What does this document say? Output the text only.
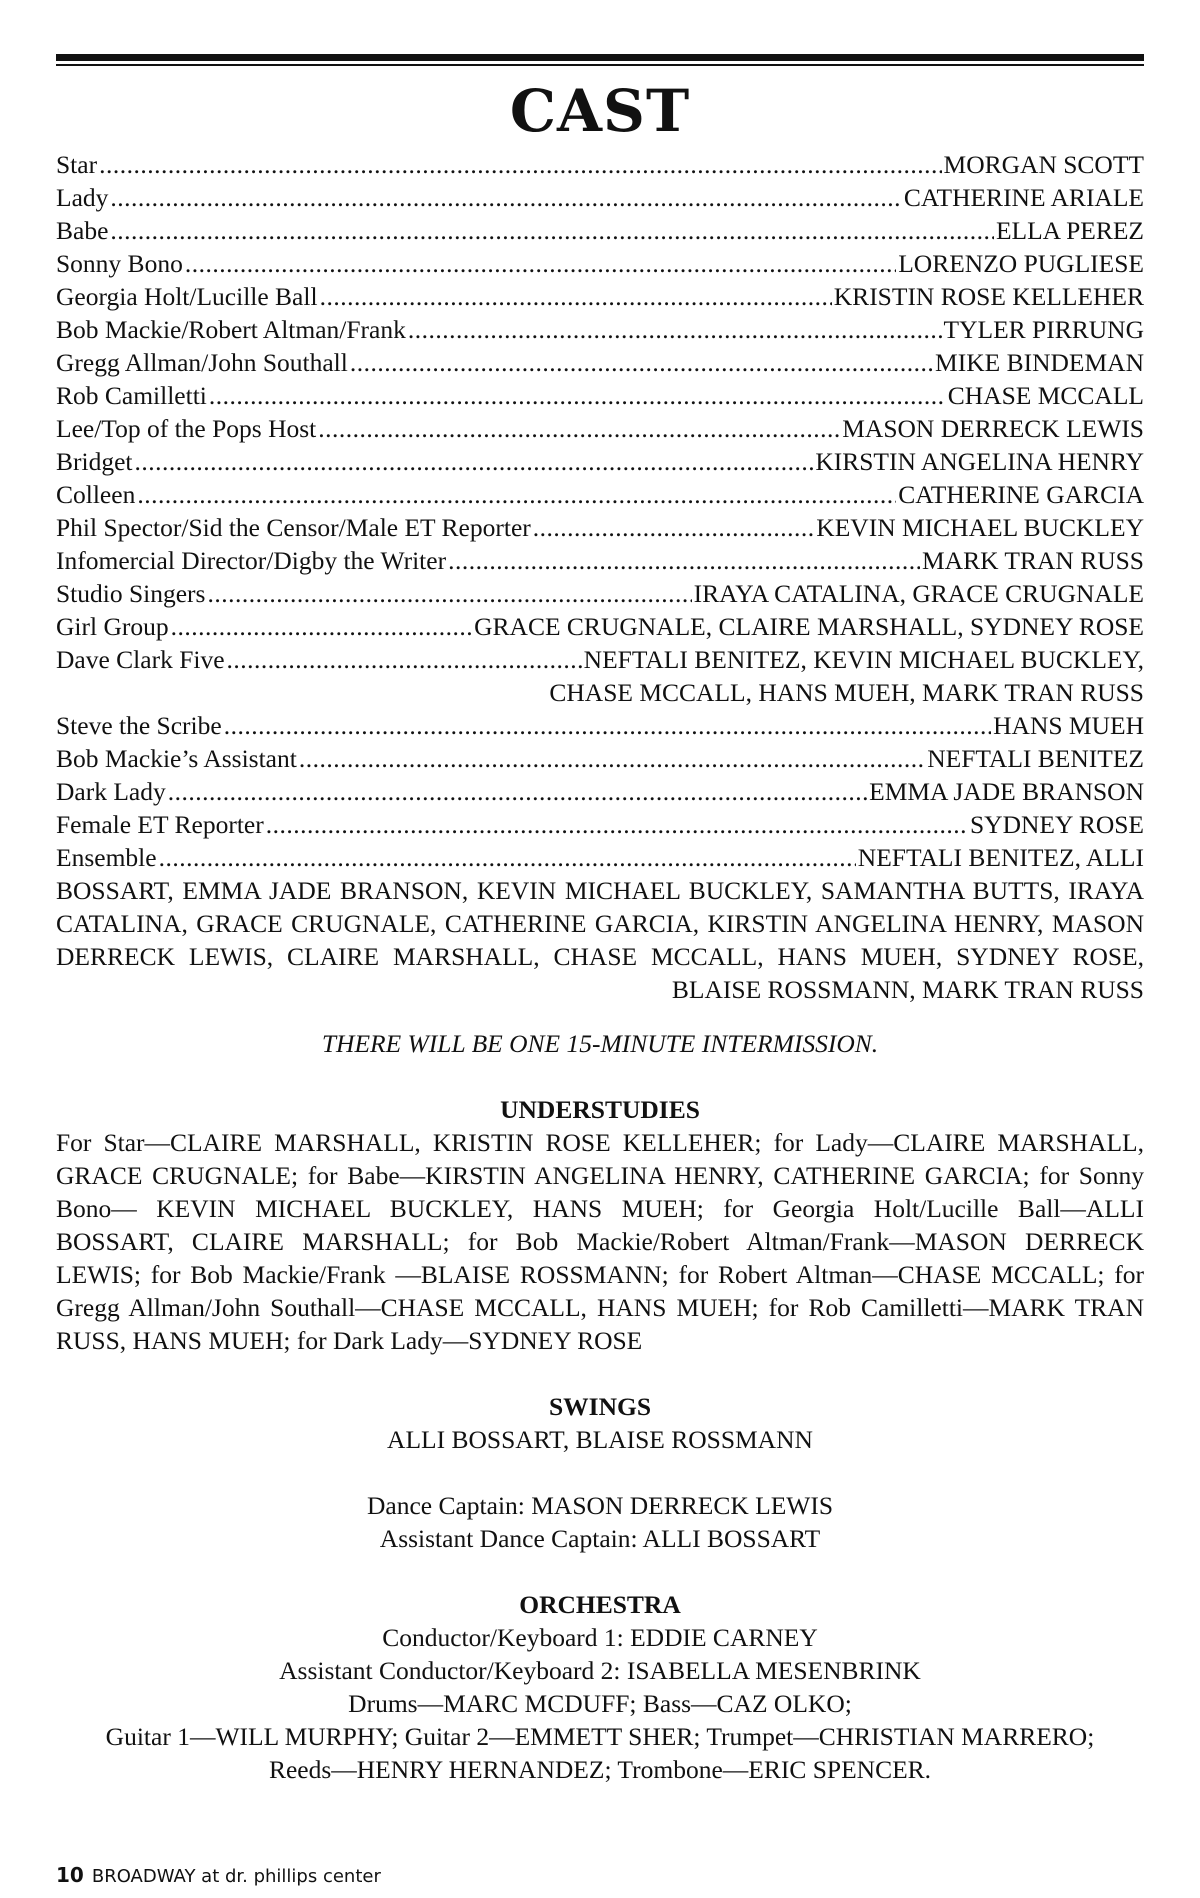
CAST
Star .....	MORGAN SCOTT
Lady .....	CATHERINE ARIALE
Babe .....	ELLA PEREZ
Sonny Bono .....	LORENZO PUGLIESE
Georgia Holt/Lucille Ball .....	KRISTIN ROSE KELLEHER
Bob Mackie/Robert Altman/Frank .....	TYLER PIRRUNG
Gregg Allman/John Southall .....	MIKE BINDEMAN
Rob Camilletti .....	CHASE MCCALL
Lee/Top of the Pops Host .....	MASON DERRECK LEWIS
Bridget .....	KIRSTIN ANGELINA HENRY
Colleen .....	CATHERINE GARCIA
Phil Spector/Sid the Censor/Male ET Reporter .....	KEVIN MICHAEL BUCKLEY
Infomercial Director/Digby the Writer .....	MARK TRAN RUSS
Studio Singers .....	IRAYA CATALINA, GRACE CRUGNALE
Girl Group .....	GRACE CRUGNALE, CLAIRE MARSHALL, SYDNEY ROSE
Dave Clark Five .....	NEFTALI BENITEZ, KEVIN MICHAEL BUCKLEY,
CHASE MCCALL, HANS MUEH, MARK TRAN RUSS
Steve the Scribe .....	HANS MUEH
Bob Mackie’s Assistant .....	NEFTALI BENITEZ
Dark Lady .....	EMMA JADE BRANSON
Female ET Reporter .....	SYDNEY ROSE
Ensemble .....	NEFTALI BENITEZ, ALLI
BOSSART, EMMA JADE BRANSON, KEVIN MICHAEL BUCKLEY, SAMANTHA BUTTS, IRAYA CATALINA, GRACE CRUGNALE, CATHERINE GARCIA, KIRSTIN ANGELINA HENRY, MASON DERRECK LEWIS, CLAIRE MARSHALL, CHASE MCCALL, HANS MUEH, SYDNEY ROSE, BLAISE ROSSMANN, MARK TRAN RUSS
THERE WILL BE ONE 15-MINUTE INTERMISSION.
UNDERSTUDIES
For Star—CLAIRE MARSHALL, KRISTIN ROSE KELLEHER; for Lady—CLAIRE MARSHALL, GRACE CRUGNALE; for Babe—KIRSTIN ANGELINA HENRY, CATHERINE GARCIA; for Sonny Bono— KEVIN MICHAEL BUCKLEY, HANS MUEH; for Georgia Holt/Lucille Ball—ALLI BOSSART, CLAIRE MARSHALL; for Bob Mackie/Robert Altman/Frank—MASON DERRECK LEWIS; for Bob Mackie/Frank —BLAISE ROSSMANN; for Robert Altman—CHASE MCCALL; for Gregg Allman/John Southall—CHASE MCCALL, HANS MUEH; for Rob Camilletti—MARK TRAN RUSS, HANS MUEH; for Dark Lady—SYDNEY ROSE
SWINGS
ALLI BOSSART, BLAISE ROSSMANN
Dance Captain: MASON DERRECK LEWIS
Assistant Dance Captain: ALLI BOSSART
ORCHESTRA
Conductor/Keyboard 1: EDDIE CARNEY
Assistant Conductor/Keyboard 2: ISABELLA MESENBRINK
Drums—MARC MCDUFF; Bass—CAZ OLKO;
Guitar 1—WILL MURPHY; Guitar 2—EMMETT SHER; Trumpet—CHRISTIAN MARRERO;
Reeds—HENRY HERNANDEZ; Trombone—ERIC SPENCER.
10 BROADWAY at dr. phillips center
